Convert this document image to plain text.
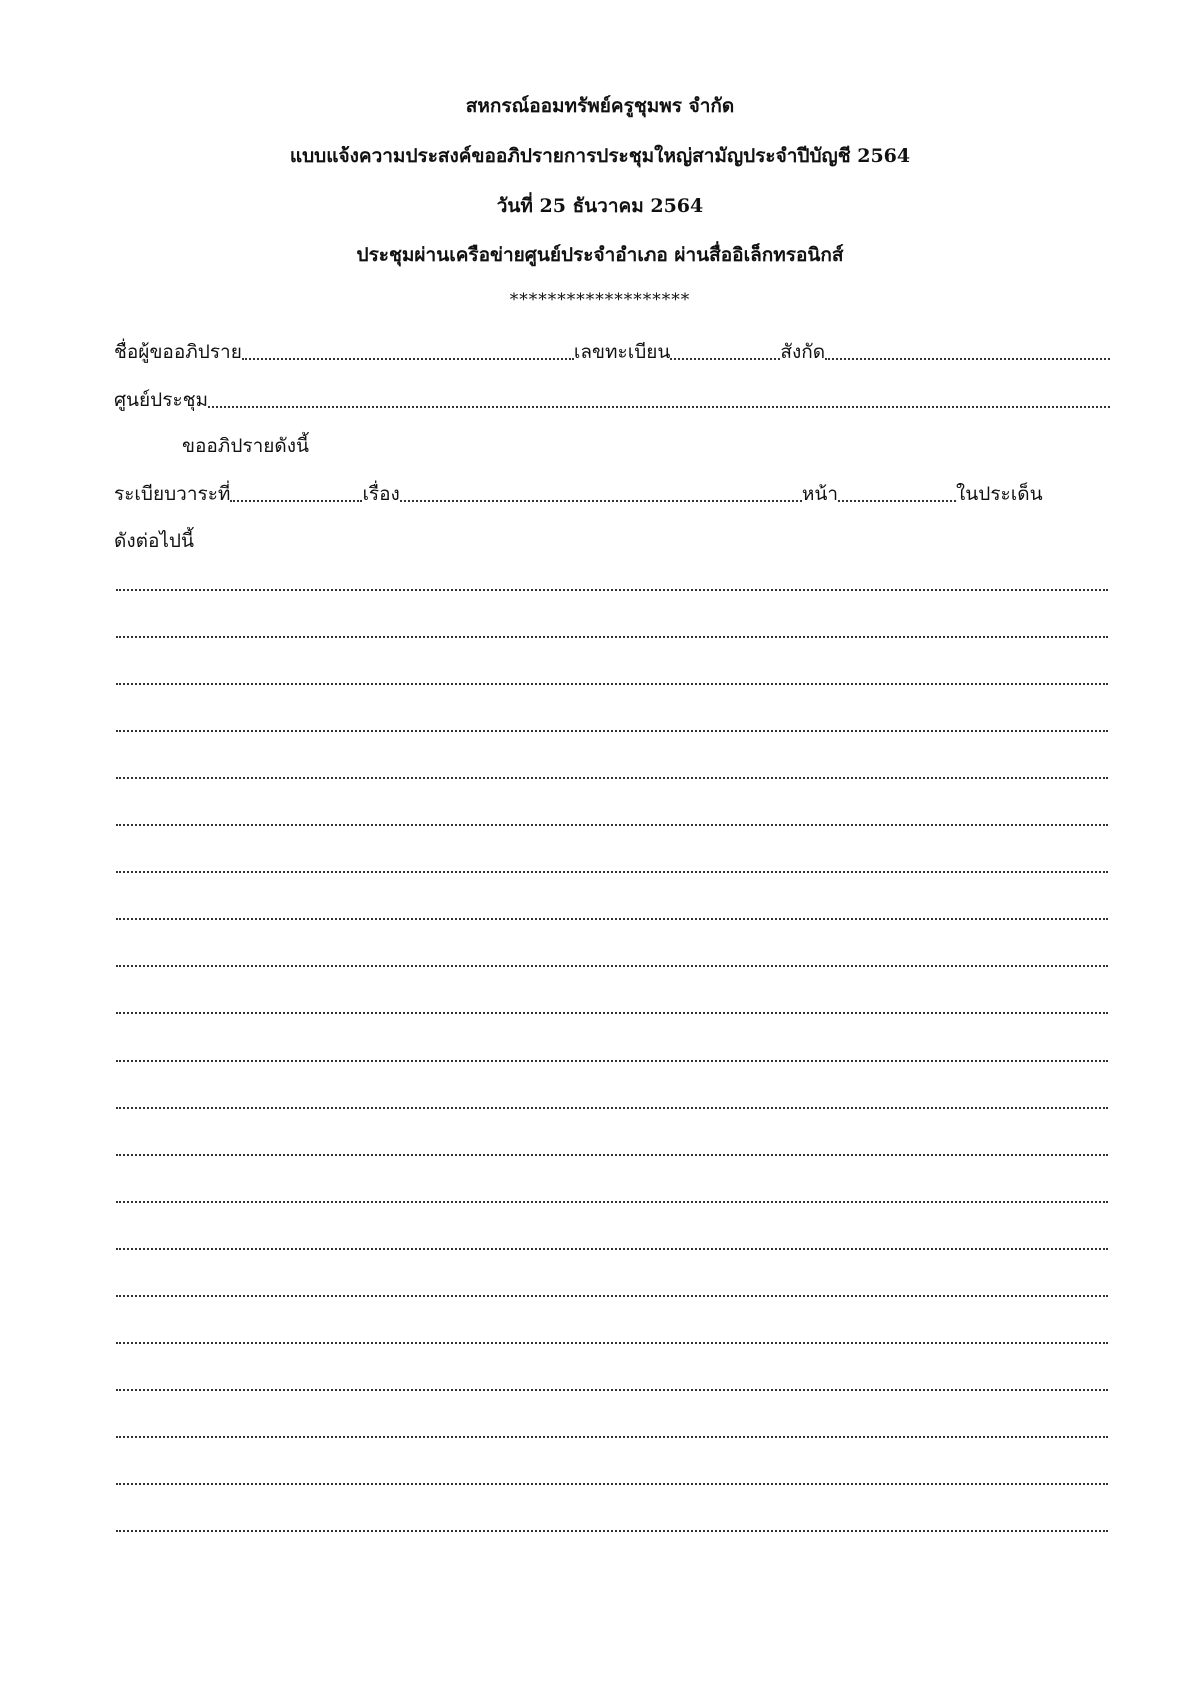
สหกรณ์ออมทรัพย์ครูชุมพร จำกัด
แบบแจ้งความประสงค์ขออภิปรายการประชุมใหญ่สามัญประจำปีบัญชี 2564
วันที่ 25 ธันวาคม 2564
ประชุมผ่านเครือข่ายศูนย์ประจำอำเภอ ผ่านสื่ออิเล็กทรอนิกส์
*******************
ชื่อผู้ขออภิปราย	เลขทะเบียน	สังกัด
ศูนย์ประชุม
ขออภิปรายดังนี้
ระเบียบวาระที่	เรื่อง	หน้า	ในประเด็น
ดังต่อไปนี้
